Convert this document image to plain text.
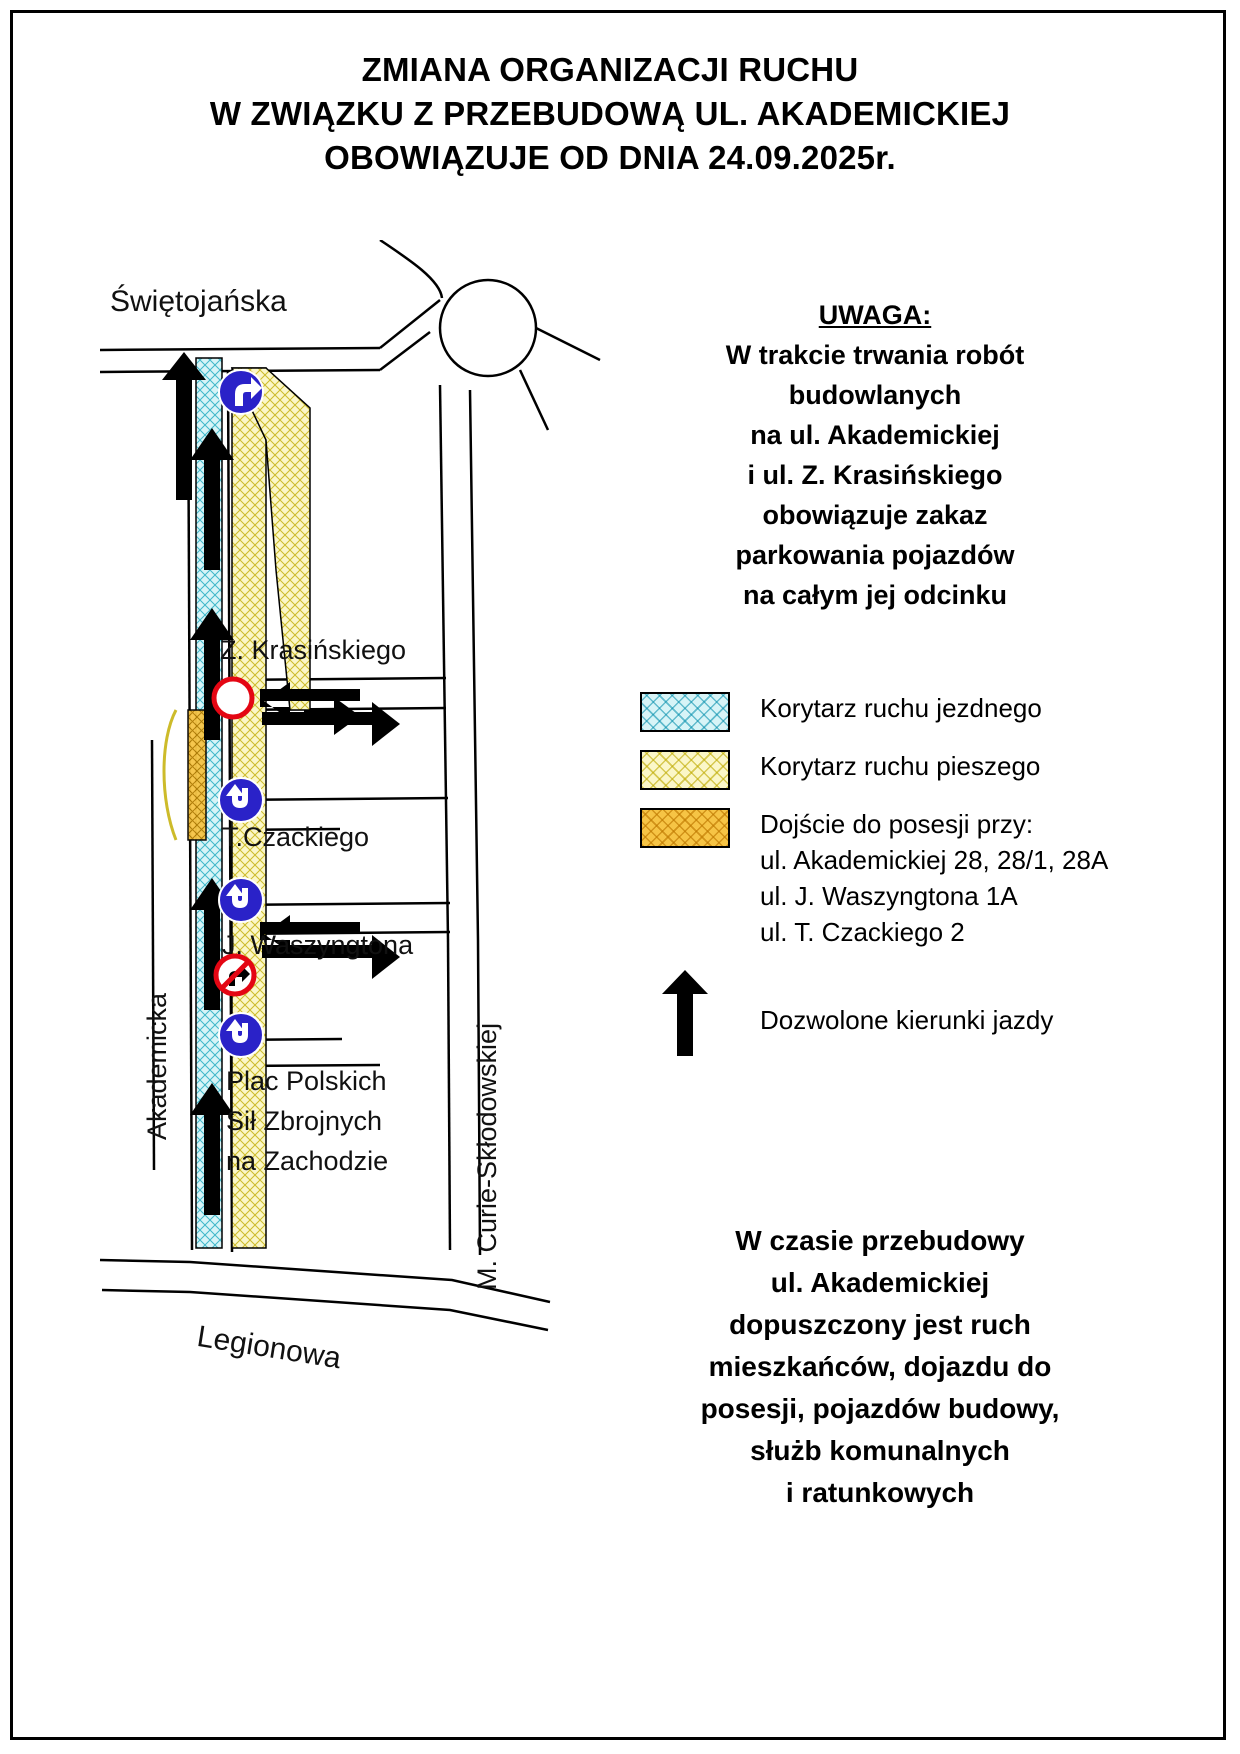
ZMIANA ORGANIZACJI RUCHU
W ZWIĄZKU Z PRZEBUDOWĄ UL. AKADEMICKIEJ
OBOWIĄZUJE OD DNIA 24.09.2025r.
Świętojańska
Z. Krasińskiego
T.Czackiego
J. Waszyngtona
Plac Polskich
Sił Zbrojnych
na Zachodzie
Akademicka	M. Curie-Skłodowskiej
Legionowa
UWAGA:
W trakcie trwania robót
budowlanych
na ul. Akademickiej
i ul. Z. Krasińskiego
obowiązuje zakaz
parkowania pojazdów
na całym jej odcinku
Korytarz ruchu jezdnego
Korytarz ruchu pieszego
Dojście do posesji przy:
ul. Akademickiej 28, 28/1, 28A
ul. J. Waszyngtona 1A
ul. T. Czackiego 2
Dozwolone kierunki jazdy
W czasie przebudowy
ul. Akademickiej
dopuszczony jest ruch
mieszkańców, dojazdu do
posesji, pojazdów budowy,
służb komunalnych
i ratunkowych
